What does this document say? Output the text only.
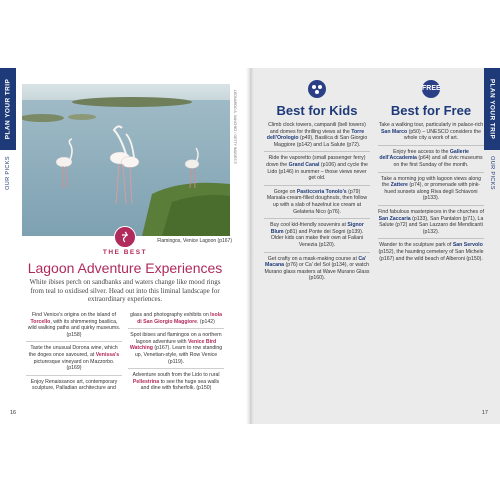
PLAN YOUR TRIP
OUR PICKS
LEONARDO A. SANCHEZ / GETTY IMAGES ©
Flamingos, Venice Lagoon (p167)
THE BEST
Lagoon Adventure Experiences
White ibises perch on sandbanks and waters change like mood rings from teal to oxidised silver. Head out into this liminal landscape for extraordinary experiences.
Find Venice's origins on the island of Torcello, with its shimmering basilica, wild walking paths and quirky museums. (p158)
Taste the unusual Dorona wine, which the doges once savoured, at Venissa's picturesque vineyard on Mazzorbo. (p169)
Enjoy Renaissance art, contemporary sculpture, Palladian architecture and
glass and photography exhibits on Isola di San Giorgio Maggiore. (p142)
Spot ibises and flamingos on a northern lagoon adventure with Venice Bird Watching (p167). Learn to row standing up, Venetian-style, with Row Venice (p119).
Adventure south from the Lido to rural Pellestrina to see the huge sea walls and dine with fisherfolk. (p150)
16
PLAN YOUR TRIP
Best for Kids
Climb clock towers, campanili (bell towers) and domes for thrilling views at the Torre dell'Orologio (p49), Basilica di San Giorgio Maggiore (p142) and La Salute (p72).
Ride the vaporetto (small passenger ferry) down the Grand Canal (p106) and cycle the Lido (p146) in summer – those views never get old.
Gorge on Pasticceria Tonolo's (p79) Marsala-cream-filled doughnuts, then follow up with a slab of hazelnut ice cream at Gelateria Nico (p76).
Buy cool kid-friendly souvenirs at Signor Blum (p81) and Ponte dei Sogni (p139). Older kids can make their own at Faliani Venezia (p120).
Get crafty on a mask-making course at Ca' Macana (p76) or Ca' del Sol (p134), or watch Murano glass masters at Wave Murano Glass (p160).
FREE
Best for Free
Take a walking tour, particularly in palace-rich San Marco (p50) – UNESCO considers the whole city a work of art.
Enjoy free access to the Gallerie dell'Accademia (p64) and all civic museums on the first Sunday of the month.
Take a morning jog with lagoon views along the Zattere (p74), or promenade with pink-hued sunsets along Riva degli Schiavoni (p133).
Find fabulous masterpieces in the churches of San Zaccaria (p133), San Pantalon (p71), La Salute (p72) and San Lazzaro dei Mendicanti (p132).
Wander to the sculpture park of San Servolo (p152), the haunting cemetery of San Michele (p167) and the wild beach of Alberoni (p150).
17
OUR PICKS
